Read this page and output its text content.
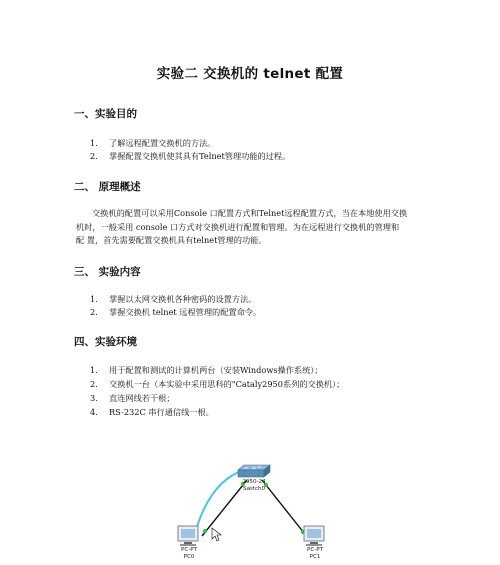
实验二 交换机的 telnet 配置
一、实验目的
1. 了解远程配置交换机的方法。
2. 掌握配置交换机使其具有Telnet管理功能的过程。
二、 原理概述
交换机的配置可以采用Console 口配置方式和Telnet远程配置方式，当在本地使用交换
机时，一般采用 console 口方式对交换机进行配置和管理。为在远程进行交换机的管理和
配 置，首先需要配置交换机具有telnet管理的功能。
三、 实验内容
1. 掌握以太网交换机各种密码的设置方法。
2. 掌握交换机 telnet 远程管理的配置命令。
四、实验环境
1. 用于配置和测试的计算机两台（安装Windows操作系统）；
2. 交换机一台（本实验中采用思科的"Cataly2950系列的交换机）；
3. 直连网线若干根；
4. RS-232C 串行通信线一根。
2950-24
Switch0
PC-PT
PC0
PC-PT
PC1
